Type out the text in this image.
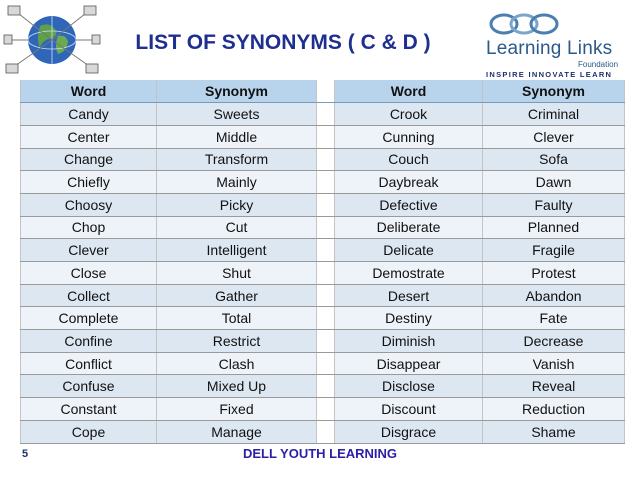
LIST OF SYNONYMS ( C & D )	Learning Links
Foundation
INSPIRE INNOVATE LEARN
Word	Synonym		Word	Synonym
Candy	Sweets		Crook	Criminal
Center	Middle		Cunning	Clever
Change	Transform		Couch	Sofa
Chiefly	Mainly		Daybreak	Dawn
Choosy	Picky		Defective	Faulty
Chop	Cut		Deliberate	Planned
Clever	Intelligent		Delicate	Fragile
Close	Shut		Demostrate	Protest
Collect	Gather		Desert	Abandon
Complete	Total		Destiny	Fate
Confine	Restrict		Diminish	Decrease
Conflict	Clash		Disappear	Vanish
Confuse	Mixed Up		Disclose	Reveal
Constant	Fixed		Discount	Reduction
Cope	Manage		Disgrace	Shame
5	DELL YOUTH LEARNING
